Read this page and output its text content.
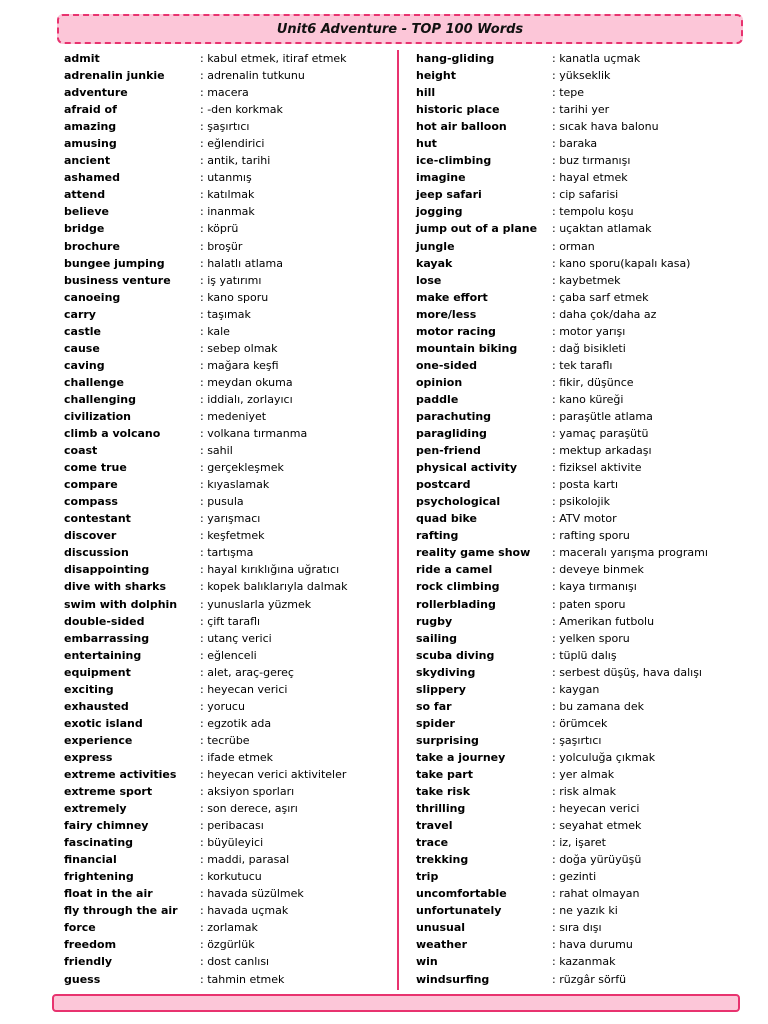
Unit6 Adventure - TOP 100 Words
admit	: kabul etmek, itiraf etmek
adrenalin junkie	: adrenalin tutkunu
adventure	: macera
afraid of	: -den korkmak
amazing	: şaşırtıcı
amusing	: eğlendirici
ancient	: antik, tarihi
ashamed	: utanmış
attend	: katılmak
believe	: inanmak
bridge	: köprü
brochure	: broşür
bungee jumping	: halatlı atlama
business venture	: iş yatırımı
canoeing	: kano sporu
carry	: taşımak
castle	: kale
cause	: sebep olmak
caving	: mağara keşfi
challenge	: meydan okuma
challenging	: iddialı, zorlayıcı
civilization	: medeniyet
climb a volcano	: volkana tırmanma
coast	: sahil
come true	: gerçekleşmek
compare	: kıyaslamak
compass	: pusula
contestant	: yarışmacı
discover	: keşfetmek
discussion	: tartışma
disappointing	: hayal kırıklığına uğratıcı
dive with sharks	: kopek balıklarıyla dalmak
swim with dolphin : yunuslarla yüzmek
double-sided	: çift taraflı
embarrassing	: utanç verici
entertaining	: eğlenceli
equipment	: alet, araç-gereç
exciting	: heyecan verici
exhausted	: yorucu
exotic island	: egzotik ada
experience	: tecrübe
express	: ifade etmek
extreme activities : heyecan verici aktiviteler
extreme sport	: aksiyon sporları
extremely	: son derece, aşırı
fairy chimney	: peribacası
fascinating	: büyüleyici
financial	: maddi, parasal
frightening	: korkutucu
float in the air	: havada süzülmek
fly through the air : havada uçmak
force	: zorlamak
freedom	: özgürlük
friendly	: dost canlısı
guess	: tahmin etmek
hang-gliding	: kanatla uçmak
height	: yükseklik
hill	: tepe
historic place	: tarihi yer
hot air balloon	: sıcak hava balonu
hut	: baraka
ice-climbing	: buz tırmanışı
imagine	: hayal etmek
jeep safari	: cip safarisi
jogging	: tempolu koşu
jump out of a plane : uçaktan atlamak
jungle	: orman
kayak	: kano sporu(kapalı kasa)
lose	: kaybetmek
make effort	: çaba sarf etmek
more/less	: daha çok/daha az
motor racing	: motor yarışı
mountain biking	: dağ bisikleti
one-sided	: tek taraflı
opinion	: fikir, düşünce
paddle	: kano küreği
parachuting	: paraşütle atlama
paragliding	: yamaç paraşütü
pen-friend	: mektup arkadaşı
physical activity	: fiziksel aktivite
postcard	: posta kartı
psychological	: psikolojik
quad bike	: ATV motor
rafting	: rafting sporu
reality game show : maceralı yarışma programı
ride a camel	: deveye binmek
rock climbing	: kaya tırmanışı
rollerblading	: paten sporu
rugby	: Amerikan futbolu
sailing	: yelken sporu
scuba diving	: tüplü dalış
skydiving	: serbest düşüş, hava dalışı
slippery	: kaygan
so far	: bu zamana dek
spider	: örümcek
surprising	: şaşırtıcı
take a journey	: yolculuğa çıkmak
take part	: yer almak
take risk	: risk almak
thrilling	: heyecan verici
travel	: seyahat etmek
trace	: iz, işaret
trekking	: doğa yürüyüşü
trip	: gezinti
uncomfortable	: rahat olmayan
unfortunately	: ne yazık ki
unusual	: sıra dışı
weather	: hava durumu
win	: kazanmak
windsurfing	: rüzgâr sörfü
